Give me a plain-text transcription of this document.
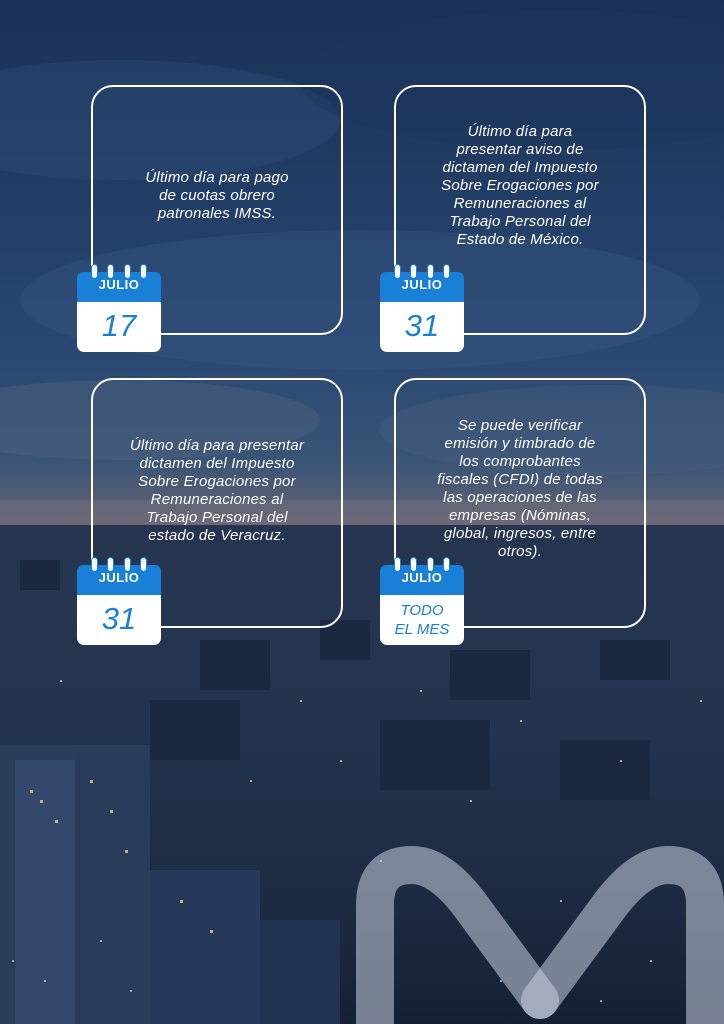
Último día para pago
de cuotas obrero
patronales IMSS.
JULIO
17
Último día para
presentar aviso de
dictamen del Impuesto
Sobre Erogaciones por
Remuneraciones al
Trabajo Personal del
Estado de México.
JULIO
31
Último día para presentar
dictamen del Impuesto
Sobre Erogaciones por
Remuneraciones al
Trabajo Personal del
estado de Veracruz.
JULIO
31
Se puede verificar
emisión y timbrado de
los comprobantes
fiscales (CFDI) de todas
las operaciones de las
empresas (Nóminas,
global, ingresos, entre
otros).
JULIO
TODO
EL MES
